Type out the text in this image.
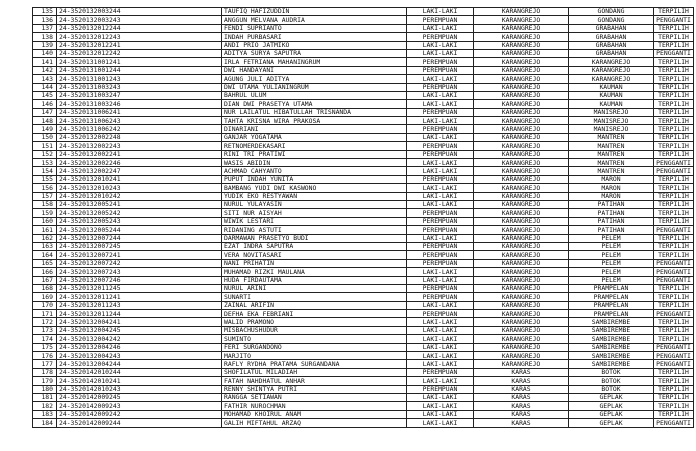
135	24-3520132003244	TAUFIQ HAFIZUDDIN	LAKI-LAKI	KARANGREJO	GONDANG	TERPILIH
136	24-3520132003243	ANGGUN MELVANA AUDRIA	PEREMPUAN	KARANGREJO	GONDANG	PENGGANTI
137	24-3520132012244	FENDI SUPRIANTO	LAKI-LAKI	KARANGREJO	GRABAHAN	TERPILIH
138	24-3520132012243	INDAH PURBASARI	PEREMPUAN	KARANGREJO	GRABAHAN	TERPILIH
139	24-3520132012241	ANDI PRIO JATMIKO	LAKI-LAKI	KARANGREJO	GRABAHAN	TERPILIH
140	24-3520132012242	ADITYA SURYA SAPUTRA	LAKI-LAKI	KARANGREJO	GRABAHAN	PENGGANTI
141	24-3520131001241	IRLA FETRIANA MAHANINGRUM	PEREMPUAN	KARANGREJO	KARANGREJO	TERPILIH
142	24-3520131001244	DWI HANDAYANI	PEREMPUAN	KARANGREJO	KARANGREJO	TERPILIH
143	24-3520131001243	AGUNG JULI ADITYA	LAKI-LAKI	KARANGREJO	KARANGREJO	TERPILIH
144	24-3520131003243	DWI UTAMA YULIANINGRUM	PEREMPUAN	KARANGREJO	KAUMAN	TERPILIH
145	24-3520131003247	BAHRUL ULUM	LAKI-LAKI	KARANGREJO	KAUMAN	TERPILIH
146	24-3520131003246	DIAN DWI PRASETYA UTAMA	LAKI-LAKI	KARANGREJO	KAUMAN	TERPILIH
147	24-3520131006241	NUR LAILATUL HIBATULLAH TRISNANDA	PEREMPUAN	KARANGREJO	MANISREJO	TERPILIH
148	24-3520131006243	TAHTA KRISNA WIRA PRAKOSA	LAKI-LAKI	KARANGREJO	MANISREJO	TERPILIH
149	24-3520131006242	DINARIANI	PEREMPUAN	KARANGREJO	MANISREJO	TERPILIH
150	24-3520132002248	GANJAR YOGATAMA	LAKI-LAKI	KARANGREJO	MANTREN	TERPILIH
151	24-3520132002243	RETNOMERDEKASARI	PEREMPUAN	KARANGREJO	MANTREN	TERPILIH
152	24-3520132002241	RINI TRI PRATIWI	PEREMPUAN	KARANGREJO	MANTREN	TERPILIH
153	24-3520132002246	WASIS ABIDIN	LAKI-LAKI	KARANGREJO	MANTREN	PENGGANTI
154	24-3520132002247	ACHMAD CAHYANTO	LAKI-LAKI	KARANGREJO	MANTREN	PENGGANTI
155	24-3520132010241	PUPUT INDAH YUNITA	PEREMPUAN	KARANGREJO	MARON	TERPILIH
156	24-3520132010243	BAMBANG YUDI DWI KASWONO	LAKI-LAKI	KARANGREJO	MARON	TERPILIH
157	24-3520132010242	YUDIK EKO RESTYAWAN	LAKI-LAKI	KARANGREJO	MARON	TERPILIH
158	24-3520132005241	NURUL YULAYASIN	LAKI-LAKI	KARANGREJO	PATIHAN	TERPILIH
159	24-3520132005242	SITI NUR AISYAH	PEREMPUAN	KARANGREJO	PATIHAN	TERPILIH
160	24-3520132005243	WIWIK LESTARI	PEREMPUAN	KARANGREJO	PATIHAN	TERPILIH
161	24-3520132005244	RIDANING ASTUTI	PEREMPUAN	KARANGREJO	PATIHAN	PENGGANTI
162	24-3520132007244	DARMAWAN PRASETYO BUDI	LAKI-LAKI	KARANGREJO	PELEM	TERPILIH
163	24-3520132007245	EZAT INDRA SAPUTRA	PEREMPUAN	KARANGREJO	PELEM	TERPILIH
164	24-3520132007241	VERA NOVITASARI	PEREMPUAN	KARANGREJO	PELEM	TERPILIH
165	24-3520132007242	NANI PRIHATIN	PEREMPUAN	KARANGREJO	PELEM	PENGGANTI
166	24-3520132007243	MUHAMAD RIZKI MAULANA	LAKI-LAKI	KARANGREJO	PELEM	PENGGANTI
167	24-3520132007246	HUDA FIRDAUTAMA	LAKI-LAKI	KARANGREJO	PELEM	PENGGANTI
168	24-3520132011245	NURUL ARINI	PEREMPUAN	KARANGREJO	PRAMPELAN	TERPILIH
169	24-3520132011241	SUNARTI	PEREMPUAN	KARANGREJO	PRAMPELAN	TERPILIH
170	24-3520132011243	ZAINAL ARIFIN	LAKI-LAKI	KARANGREJO	PRAMPELAN	TERPILIH
171	24-3520132011244	DEFHA EKA FEBRIANI	PEREMPUAN	KARANGREJO	PRAMPELAN	PENGGANTI
172	24-3520132004241	WALID PRAMONO	LAKI-LAKI	KARANGREJO	SAMBIREMBE	TERPILIH
173	24-3520132004245	MISBACHUSHUDUR	LAKI-LAKI	KARANGREJO	SAMBIREMBE	TERPILIH
174	24-3520132004242	SUMINTO	LAKI-LAKI	KARANGREJO	SAMBIREMBE	TERPILIH
175	24-3520132004246	FERI SURGANDONO	LAKI-LAKI	KARANGREJO	SAMBIREMBE	PENGGANTI
176	24-3520132004243	MARJITO	LAKI-LAKI	KARANGREJO	SAMBIREMBE	PENGGANTI
177	24-3520132004244	RAFLY RYDHA PRATAMA SURGANDANA	LAKI-LAKI	KARANGREJO	SAMBIREMBE	PENGGANTI
178	24-3520142010244	SHOFILATUL MILADIAH	PEREMPUAN	KARAS	BOTOK	TERPILIH
179	24-3520142010241	FATAH NAHDHATUL ANHAR	LAKI-LAKI	KARAS	BOTOK	TERPILIH
180	24-3520142010243	RENNY SHINTYA PUTRI	PEREMPUAN	KARAS	BOTOK	TERPILIH
181	24-3520142009245	RANGGA SETIAWAN	LAKI-LAKI	KARAS	GEPLAK	TERPILIH
182	24-3520142009243	FATHIR NUROCHMAN	LAKI-LAKI	KARAS	GEPLAK	TERPILIH
183	24-3520142009242	MOHAMAD KHOIRUL ANAM	LAKI-LAKI	KARAS	GEPLAK	TERPILIH
184	24-3520142009244	GALIH MIFTAHUL ARZAQ	LAKI-LAKI	KARAS	GEPLAK	PENGGANTI
